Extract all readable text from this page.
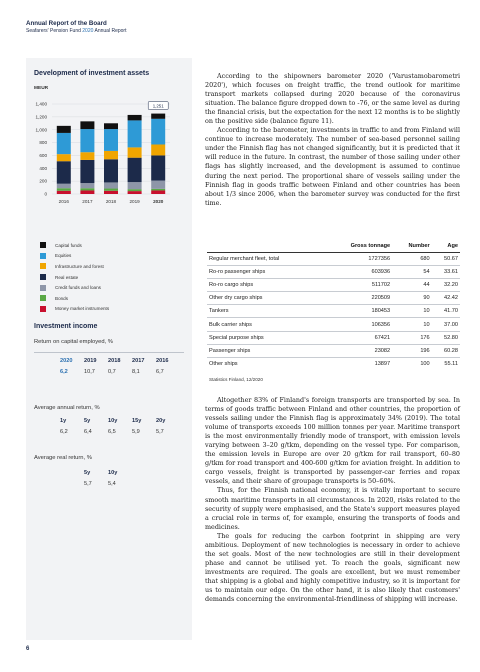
Annual Report of the Board
Seafarers' Pension Fund 2020 Annual Report
Development of investment assets
MEUR
0
200
400
600
800
1,000
1,200
1,400
2016	2017	2018	2019	2020
1,251
Capital funds
Equities
Infrastructure and forest
Real estate
Credit funds and loans
Bonds
Money market instruments
Investment income
Return on capital employed, %
2020	2019	2018	2017	2016
6,2	10,7	0,7	8,1	6,7
Average annual return, %
1y	5y	10y	15y	20y
6,2	6,4	6,5	5,9	5,7
Average real return, %
5y	10y
5,7	5,4

According to the shipowners barometer 2020 ('Varustamobarometri 2020'), which focuses on freight traffic, the trend outlook for maritime transport markets collapsed during 2020 because of the coronavirus situation. The balance figure dropped down to -76, or the same level as during the financial crisis, but the expectation for the next 12 months is to be slightly on the positive side (balance figure 11).

According to the barometer, investments in traffic to and from Finland will continue to increase moderately. The number of sea-based personnel sailing under the Finnish flag has not changed significantly, but it is predicted that it will reduce in the future. In contrast, the number of those sailing under other flags has slightly increased, and the development is assumed to continue during the next period. The proportional share of vessels sailing under the Finnish flag in goods traffic between Finland and other countries has been about 1/3 since 2006, when the barometer survey was conducted for the first time.

	Gross tonnage	Number	Age
Regular merchant fleet, total	1727356	680	50.67
Ro-ro passenger ships	603936	54	33.61
Ro-ro cargo ships	511702	44	32.20
Other dry cargo ships	220509	90	42.42
Tankers	180453	10	41.70
Bulk carrier ships	106356	10	37.00
Special purpose ships	67421	176	52.80
Passenger ships	23082	196	60.28
Other ships	13897	100	55.11
Statistics Finland, 12/2020

Altogether 83% of Finland's foreign transports are transported by sea. In terms of goods traffic between Finland and other countries, the proportion of vessels sailing under the Finnish flag is approximately 34% (2019). The total volume of transports exceeds 100 million tonnes per year. Maritime transport is the most environmentally friendly mode of transport, with emission levels varying between 3–20 g/tkm, depending on the vessel type. For comparison, the emission levels in Europe are over 20 g/tkm for rail transport, 60–80 g/tkm for road transport and 400-600 g/tkm for aviation freight. In addition to cargo vessels, freight is transported by passenger-car ferries and ropax vessels, and their share of groupage transports is 50–60%.

Thus, for the Finnish national economy, it is vitally important to secure smooth maritime transports in all circumstances. In 2020, risks related to the security of supply were emphasised, and the State's support measures played a crucial role in terms of, for example, ensuring the transports of foods and medicines.

The goals for reducing the carbon footprint in shipping are very ambitious. Deployment of new technologies is necessary in order to achieve the set goals. Most of the new technologies are still in their development phase and cannot be utilised yet. To reach the goals, significant new investments are required. The goals are excellent, but we must remember that shipping is a global and highly competitive industry, so it is important for us to maintain our edge. On the other hand, it is also likely that customers' demands concerning the environmental-friendliness of shipping will increase.

6
